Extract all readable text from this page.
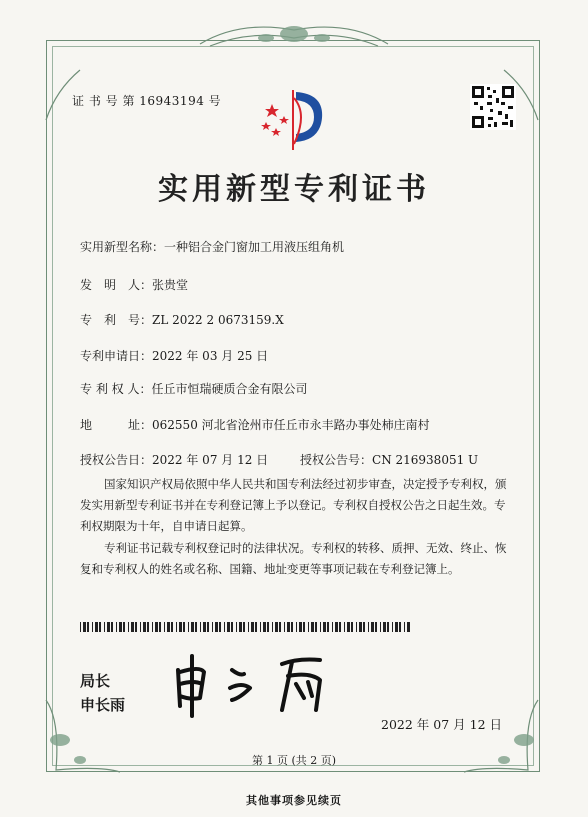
证 书 号 第 16943194 号
实用新型专利证书
实用新型名称：一种铝合金门窗加工用液压组角机
发　明　人：张贵堂
专　利　号：ZL 2022 2 0673159.X
专利申请日：2022 年 03 月 25 日
专 利 权 人：任丘市恒瑞硬质合金有限公司
地　　　址：062550 河北省沧州市任丘市永丰路办事处柿庄南村
授权公告日：2022 年 07 月 12 日	授权公告号：CN 216938051 U
国家知识产权局依照中华人民共和国专利法经过初步审查，决定授予专利权，颁发实用新型专利证书并在专利登记簿上予以登记。专利权自授权公告之日起生效。专利权期限为十年，自申请日起算。
专利证书记载专利权登记时的法律状况。专利权的转移、质押、无效、终止、恢复和专利权人的姓名或名称、国籍、地址变更等事项记载在专利登记簿上。
局长
申长雨
2022 年 07 月 12 日
第 1 页 (共 2 页)
其他事项参见续页
